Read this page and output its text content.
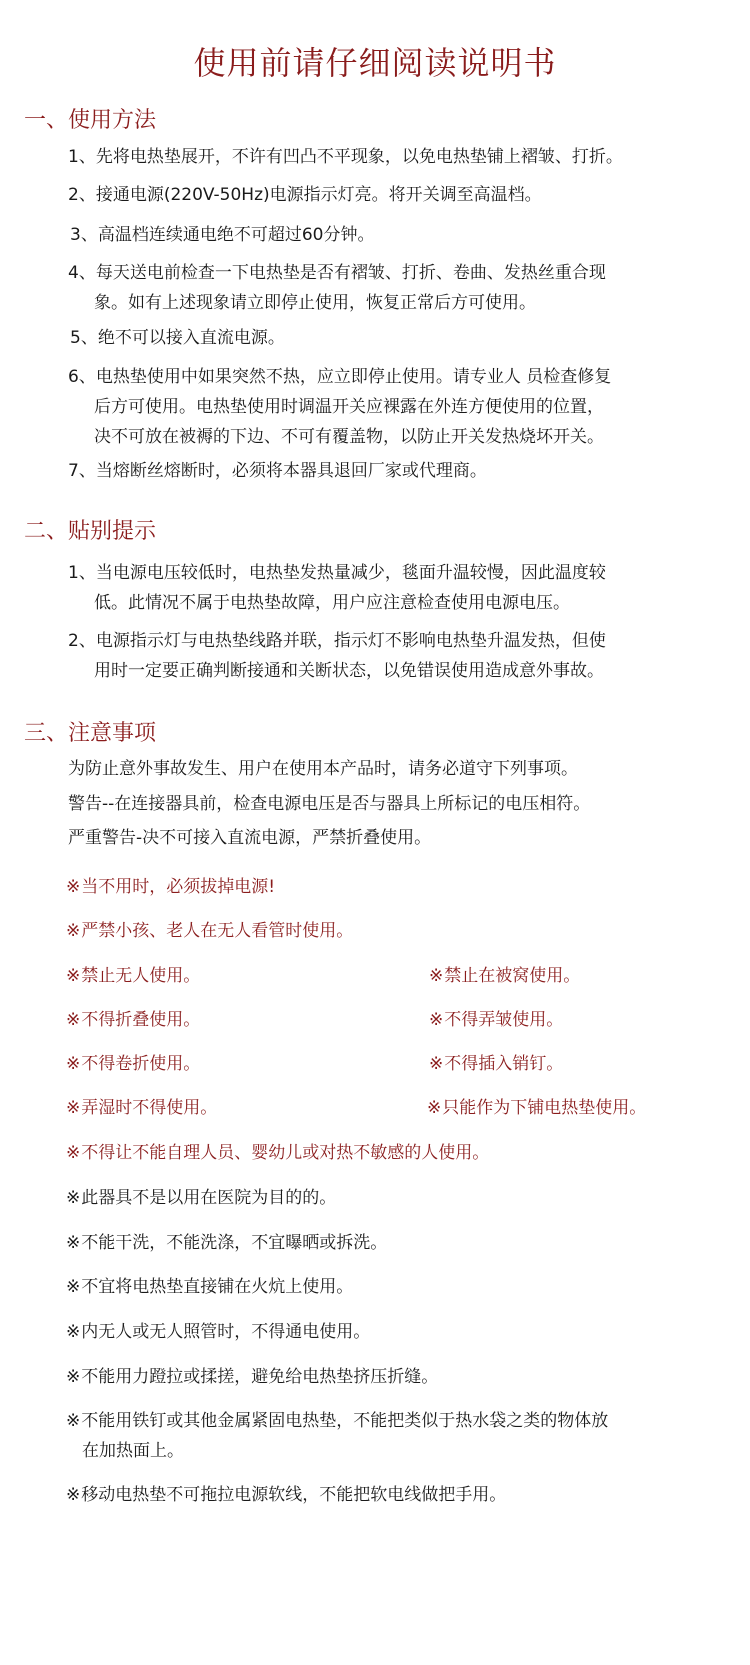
使用前请仔细阅读说明书
一、使用方法
1、先将电热垫展开，不许有凹凸不平现象，以免电热垫铺上褶皱、打折。
2、接通电源(220V-50Hz)电源指示灯亮。将开关调至高温档。
3、高温档连续通电绝不可超过60分钟。
4、每天送电前检查一下电热垫是否有褶皱、打折、卷曲、发热丝重合现
象。如有上述现象请立即停止使用，恢复正常后方可使用。
5、绝不可以接入直流电源。
6、电热垫使用中如果突然不热，应立即停止使用。请专业人 员检查修复
后方可使用。电热垫使用时调温开关应裸露在外连方便使用的位置，
决不可放在被褥的下边、不可有覆盖物，以防止开关发热烧坏开关。
7、当熔断丝熔断时，必须将本器具退回厂家或代理商。
二、贴别提示
1、当电源电压较低时，电热垫发热量减少，毯面升温较慢，因此温度较
低。此情况不属于电热垫故障，用户应注意检查使用电源电压。
2、电源指示灯与电热垫线路并联，指示灯不影响电热垫升温发热，但使
用时一定要正确判断接通和关断状态，以免错误使用造成意外事故。
三、注意事项
为防止意外事故发生、用户在使用本产品时，请务必道守下列事项。
警告--在连接器具前，检查电源电压是否与器具上所标记的电压相符。
严重警告-决不可接入直流电源，严禁折叠使用。
※当不用时，必须拔掉电源!
※严禁小孩、老人在无人看管时使用。
※禁止无人使用。	※禁止在被窝使用。
※不得折叠使用。	※不得弄皱使用。
※不得卷折使用。	※不得插入销钉。
※弄湿时不得使用。	※只能作为下铺电热垫使用。
※不得让不能自理人员、婴幼儿或对热不敏感的人使用。
※此器具不是以用在医院为目的的。
※不能干洗，不能洗涤，不宜曝晒或拆洗。
※不宜将电热垫直接铺在火炕上使用。
※内无人或无人照管时，不得通电使用。
※不能用力蹬拉或揉搓，避免给电热垫挤压折缝。
※不能用铁钉或其他金属紧固电热垫，不能把类似于热水袋之类的物体放
在加热面上。
※移动电热垫不可拖拉电源软线，不能把软电线做把手用。
